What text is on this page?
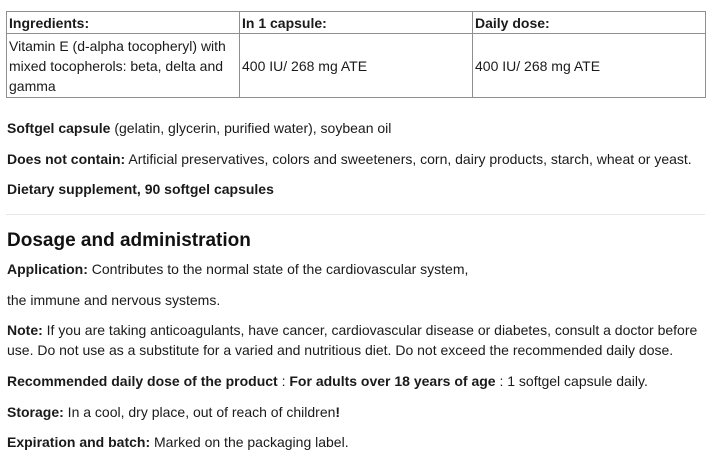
Ingredients:	In 1 capsule:	Daily dose:
Vitamin E (d-alpha tocopheryl) with mixed tocopherols: beta, delta and gamma	400 IU/ 268 mg ATE	400 IU/ 268 mg ATE
Softgel capsule (gelatin, glycerin, purified water), soybean oil
Does not contain: Artificial preservatives, colors and sweeteners, corn, dairy products, starch, wheat or yeast.
Dietary supplement, 90 softgel capsules
Dosage and administration
Application: Contributes to the normal state of the cardiovascular system,
the immune and nervous systems.
Note: If you are taking anticoagulants, have cancer, cardiovascular disease or diabetes, consult a doctor before use. Do not use as a substitute for a varied and nutritious diet. Do not exceed the recommended daily dose.
Recommended daily dose of the product : For adults over 18 years of age : 1 softgel capsule daily.
Storage: In a cool, dry place, out of reach of children!
Expiration and batch: Marked on the packaging label.
